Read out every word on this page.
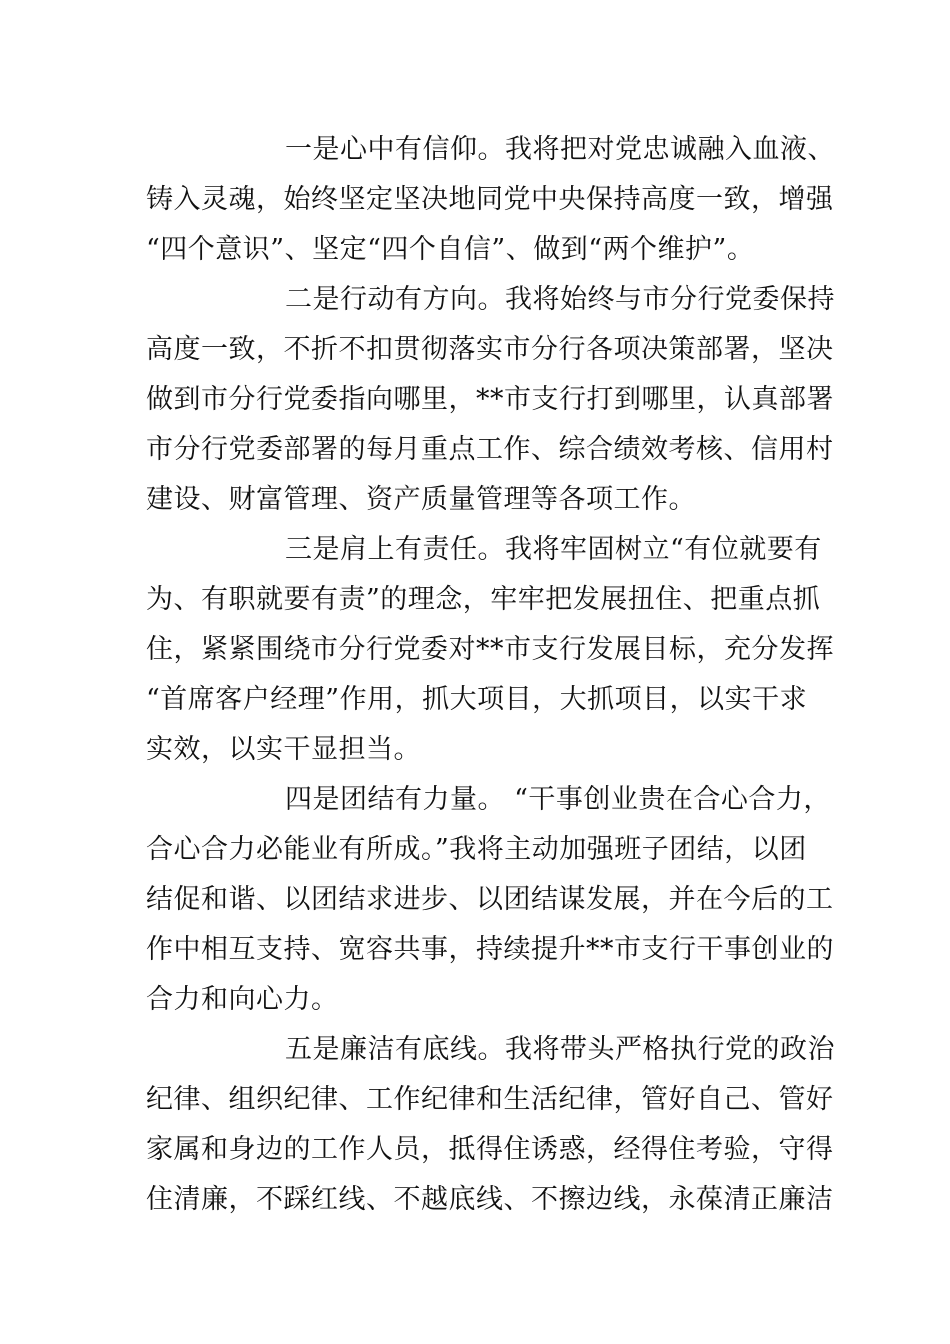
一是心中有信仰。我将把对党忠诚融入血液、
铸入灵魂，始终坚定坚决地同党中央保持高度一致，增强
“四个意识”、坚定“四个自信”、做到“两个维护”。
二是行动有方向。我将始终与市分行党委保持
高度一致，不折不扣贯彻落实市分行各项决策部署，坚决
做到市分行党委指向哪里，**市支行打到哪里，认真部署
市分行党委部署的每月重点工作、综合绩效考核、信用村
建设、财富管理、资产质量管理等各项工作。
三是肩上有责任。我将牢固树立“有位就要有
为、有职就要有责”的理念，牢牢把发展扭住、把重点抓
住，紧紧围绕市分行党委对**市支行发展目标，充分发挥
“首席客户经理”作用，抓大项目，大抓项目，以实干求
实效，以实干显担当。
四是团结有力量。 “干事创业贵在合心合力，
合心合力必能业有所成。”我将主动加强班子团结，以团
结促和谐、以团结求进步、以团结谋发展，并在今后的工
作中相互支持、宽容共事，持续提升**市支行干事创业的
合力和向心力。
五是廉洁有底线。我将带头严格执行党的政治
纪律、组织纪律、工作纪律和生活纪律，管好自己、管好
家属和身边的工作人员，抵得住诱惑，经得住考验，守得
住清廉，不踩红线、不越底线、不擦边线，永葆清正廉洁
